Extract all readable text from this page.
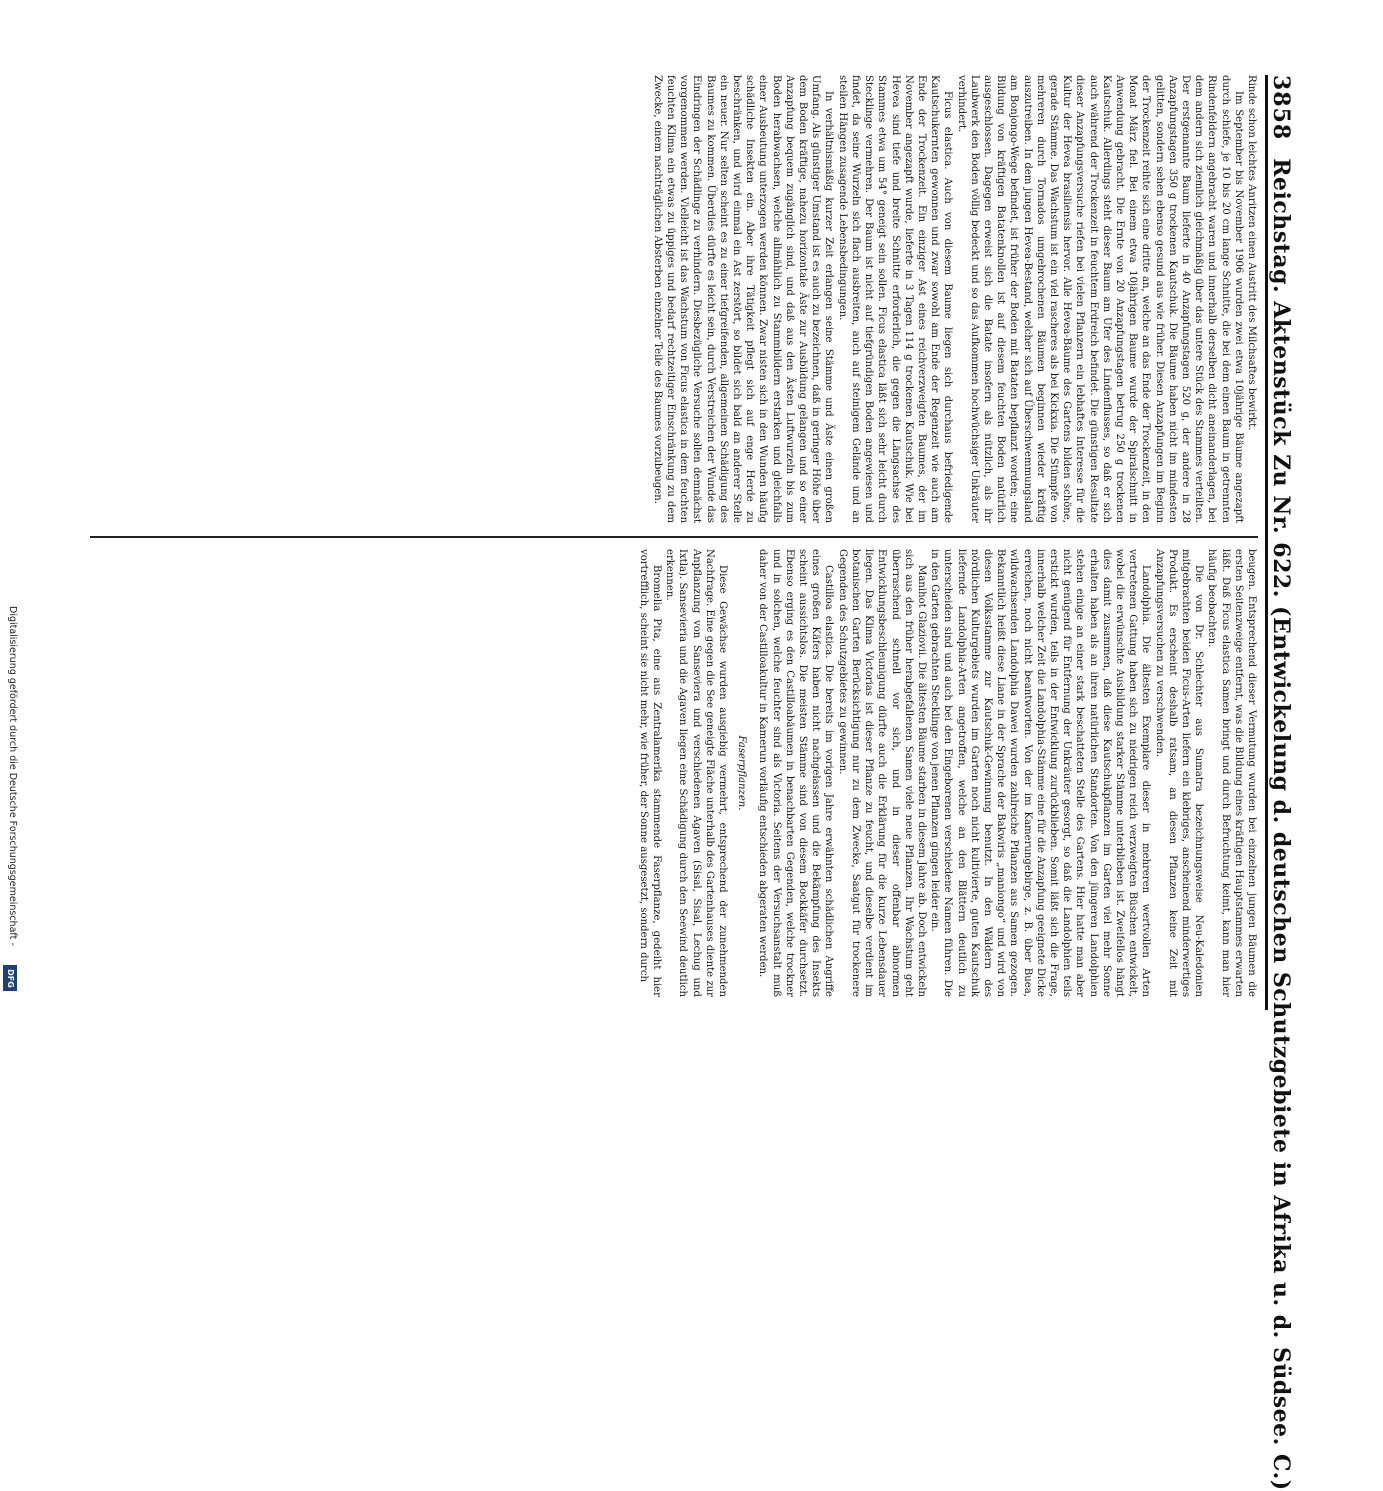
3858
Reichstag. Aktenstück Zu Nr. 622. (Entwickelung d. deutschen Schutzgebiete in Afrika u. d. Südsee. C.)

Rinde schon leichtes Anritzen einen Austritt des Milchsaftes bewirkt.

Im September bis November 1906 wurden zwei etwa 10jährige Bäume angezapft durch schiefe, je 10 bis 20 cm lange Schnitte, die bei dem einen Baum in getrennten Rindenfeldern angebracht waren und innerhalb derselben dicht aneinanderlagen, bei dem andern sich ziemlich gleichmäßig über das untere Stück des Stammes verteilten. Der erstgenannte Baum lieferte in 40 Anzapfungstagen 520 g, der andere in 28 Anzapfungstagen 350 g trockenen Kautschuk. Die Bäume haben nicht im mindesten gelitten, sondern sehen ebenso gesund aus wie früher. Diesen Anzapfungen im Beginn der Trockenzeit reihte sich eine dritte an, welche an das Ende der Trockenzeit, in den Monat März fiel. Bei einem etwa 10jährigen Baume wurde der Spiralschnitt in Anwendung gebracht. Die Ernte von 20 Anzapfungstagen betrug 250 g trockenen Kautschuk. Allerdings steht dieser Baum am Ufer des Lindenflusses, so daß er sich auch während der Trockenzeit in feuchtem Erdreich befindet. Die günstigen Resultate dieser Anzapfungsversuche riefen bei vielen Pflanzern ein lebhaftes Interesse für die Kultur der Hevea brasiliensis hervor. Alle Hevea-Bäume des Gartens bilden schöne, gerade Stämme. Das Wachstum ist ein viel rascheres als bei Kickxia. Die Stümpfe von mehreren durch Tornados umgebrochenen Bäumen beginnen wieder kräftig auszutreiben. In dem jungen Hevea-Bestand, welcher sich auf Überschwemmungsland am Bonjongo-Wege befindet, ist früher der Boden mit Bataten bepflanzt worden; eine Bildung von kräftigen Batatenknollen ist auf diesem feuchten Boden natürlich ausgeschlossen. Dagegen erweist sich die Batate insofern als nützlich, als ihr Laubwerk den Boden völlig bedeckt und so das Aufkommen hochwüchsiger Unkräuter verhindert.

Ficus elastica. Auch von diesem Baume liegen sich durchaus befriedigende Kautschukernten gewonnen und zwar sowohl am Ende der Regenzeit wie auch am Ende der Trockenzeit. Ein einziger Ast eines reichverzweigten Baumes, der im November angezapft wurde, lieferte in 3 Tagen 114 g trockenen Kautschuk. Wie bei Hevea sind tiefe und breite Schnitte erforderlich, die gegen die Längsachse des Stammes etwa um 54° geneigt sein sollen. Ficus elastica läßt sich sehr leicht durch Stecklinge vermehren. Der Baum ist nicht auf tiefgründigen Boden angewiesen und findet, da seine Wurzeln sich flach ausbreiten, auch auf steinigem Gelände und an steilen Hängen zusagende Lebensbedingungen.

In verhältnismäßig kurzer Zeit erlangen seine Stämme und Äste einen großen Umfang. Als günstiger Umstand ist es auch zu bezeichnen, daß in geringer Höhe über dem Boden kräftige, nahezu horizontale Äste zur Ausbildung gelangen und so einer Anzapfung bequem zugänglich sind, und daß aus den Ästen Luftwurzeln bis zum Boden herabwachsen, welche allmählich zu Stammbildern erstarken und gleichfalls einer Ausbeutung unterzogen werden können. Zwar nisten sich in den Wunden häufig schädliche Insekten ein. Aber ihre Tätigkeit pflegt sich auf enge Herde zu beschränken, und wird einmal ein Ast zerstört, so bildet sich bald an anderer Stelle ein neuer. Nur selten scheint es zu einer tiefgreifenden, allgemeinen Schädigung des Baumes zu kommen. Überdies dürfte es leicht sein, durch Verstreichen der Wunde das Eindringen der Schädlinge zu verhindern. Diesbezügliche Versuche sollen demnächst vorgenommen werden. Vielleicht ist das Wachstum von Ficus elastica in dem feuchten feuchten Klima ein etwas zu üppiges und bedarf rechtzeitiger Einschränkung zu dem Zwecke, einem nachträglichen Absterben einzelner Teile des Baumes vorzubeugen.

beugen. Entsprechend dieser Vermutung wurden bei einzelnen jungen Bäumen die ersten Seitenzweige entfernt, was die Bildung eines kräftigen Hauptstammes erwarten läßt. Daß Ficus elastica Samen bringt und durch Befruchtung keimt, kann man hier häufig beobachten.

Die von Dr. Schlechter aus Sumatra bezeichnungsweise Neu-Kaledonien mitgebrachten beiden Ficus-Arten liefern ein klebriges, anscheinend minderwertiges Produkt. Es erscheint deshalb ratsam, an diesen Pflanzen keine Zeit mit Anzapfungsversuchen zu verschwenden.

Landolphia. Die ältesten Exemplare dieser in mehreren wertvollen Arten vertretenen Gattung haben sich zu niedrigen reich verzweigten Büschen entwickelt, wobei die erwünschte Ausbildung starker Stämme unterblieben ist. Zweifellos hängt dies damit zusammen, daß diese Kautschukpflanzen im Garten viel mehr Sonne erhalten haben als an ihren natürlichen Standorten. Von den jüngeren Landolphien stehen einige an einer stark beschatteten Stelle des Gartens. Hier hatte man aber nicht genügend für Entfernung der Unkräuter gesorgt, so daß die Landolphien teils erstickt wurden, teils in der Entwicklung zurückblieben. Somit läßt sich die Frage, innerhalb welcher Zeit die Landolphia-Stämme eine für die Anzapfung geeignete Dicke erreichen, noch nicht beantworten. Von der im Kamerungebirge, z. B. über Buea, wildwachsenden Landolphia Dawei wurden zahlreiche Pflanzen aus Samen gezogen. Bekanntlich heißt diese Liane in der Sprache der Bakwiris „maniongo“ und wird von diesen Volksstamme zur Kautschuk-Gewinnung benutzt. In den Wäldern des nördlichen Kulturgebiets wurden im Garten noch nicht kultivierte, guten Kautschuk liefernde Landolphia-Arten angetroffen, welche an den Blättern deutlich zu unterscheiden sind und auch bei den Eingeborenen verschiedene Namen führen. Die in den Garten gebrachten Stecklinge von jenen Pflanzen gingen leider ein.

Manihot Glaziovii. Die ältesten Bäume starben in diesem Jahre ab. Doch entwickeln sich aus den früher herabgefallenen Samen viele neue Pflanzen. Ihr Wachstum geht überraschend schnell vor sich, und in dieser offenbar abnormen Entwicklungsbeschleunigung dürfte auch die Erklärung für die kurze Lebensdauer liegen. Das Klima Victorias ist dieser Pflanze zu feucht, und dieselbe verdient im botanischen Garten Berücksichtigung nur zu dem Zwecke, Saatgut für trockenere Gegenden des Schutzgebietes zu gewinnen.

Castilloa elastica. Die bereits im vorigen Jahre erwähnten schädlichen Angriffe eines großen Käfers haben nicht nachgelassen und die Bekämpfung des Insekts scheint aussichtslos. Die meisten Stämme sind von diesem Bockkäfer durchsetzt. Ebenso erging es den Castilloabäumen in benachbarten Gegenden, welche trockner und in solchen, welche feuchter sind als Victoria. Seitens der Versuchsanstalt muß daher von der Castilloakultur in Kamerun vorläufig entschieden abgeraten werden.

Faserpflanzen.

Diese Gewächse wurden ausgiebig vermehrt, entsprechend der zunehmenden Nachfrage. Eine gegen die See geneigte Fläche unterhalb des Gartenhauses diente zur Anpflanzung von Sanseviera und verschiedenen Agaven (Sisal, Sisal, Lechug und Ixtla). Sansevieria und die Agaven liegen eine Schädigung durch den Seewind deutlich erkennen.

Bromelia Pita, eine aus Zentralamerika stammende Faserpflanze, gedeiht hier vortrefflich, scheint sie nicht mehr, wie früher, der Sonne ausgesetzt, sondern durch

Digitalisierung gefördert durch die Deutsche Forschungsgemeinschaft -
DFG
